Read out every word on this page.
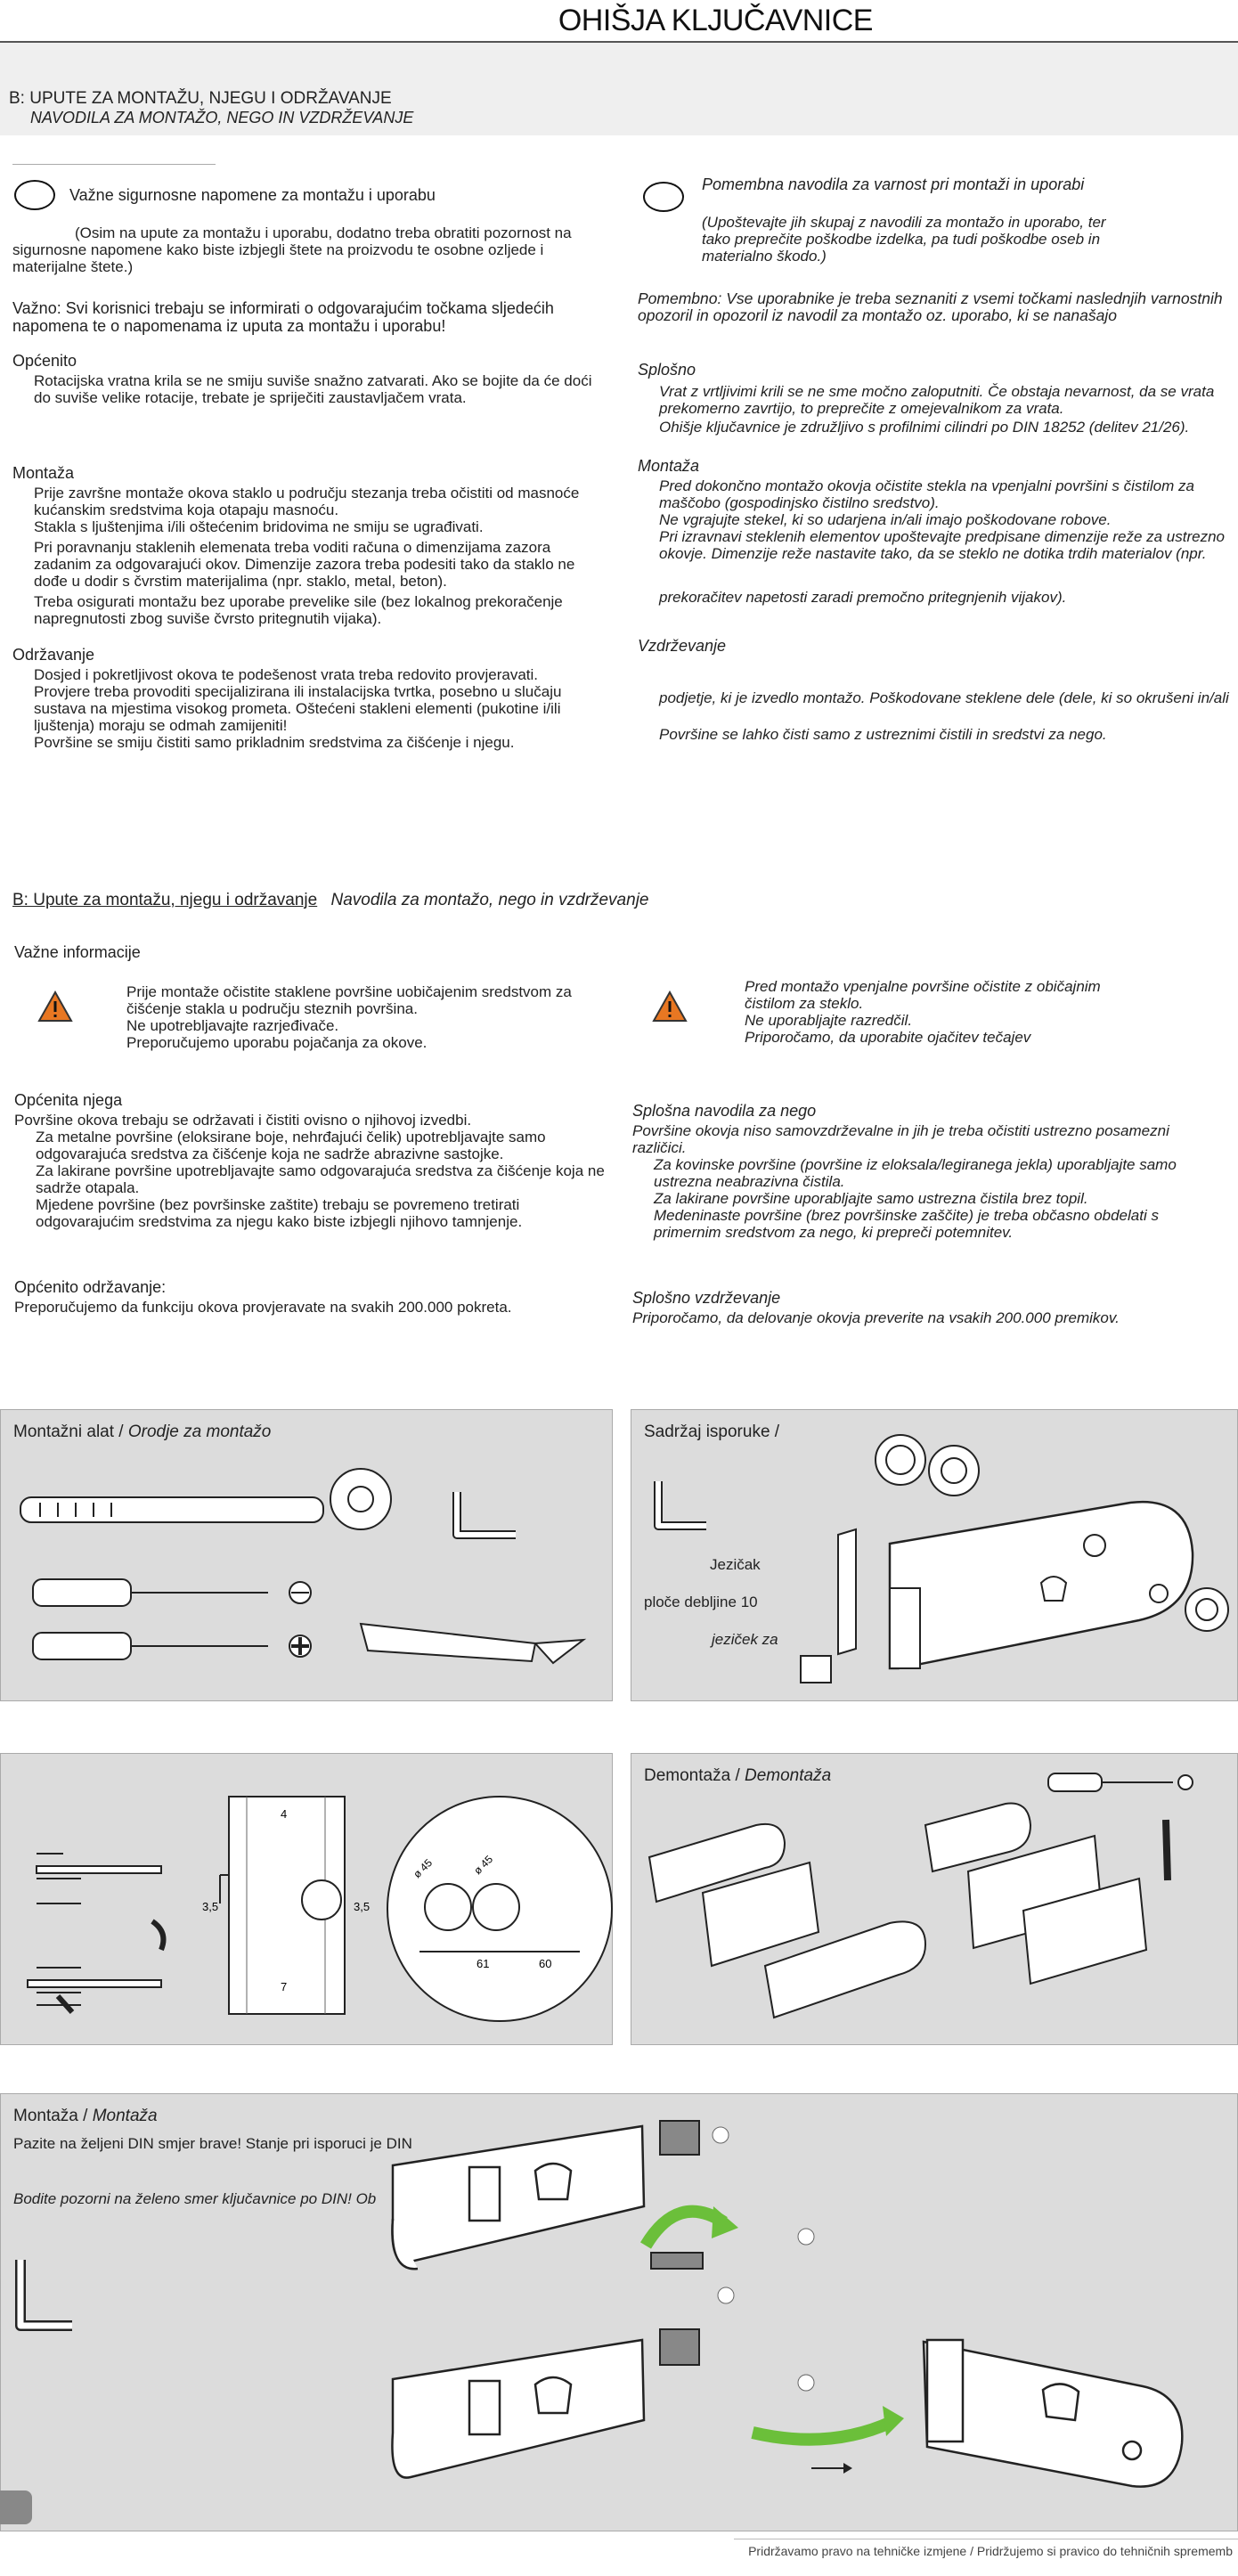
OHIŠJA KLJUČAVNICE
B: UPUTE ZA MONTAŽU, NJEGU I ODRŽAVANJE
NAVODILA ZA MONTAŽO, NEGO IN VZDRŽEVANJE
Važne sigurnosne napomene za montažu i uporabu
(Osim na upute za montažu i uporabu, dodatno treba obratiti pozornost na sigurnosne napomene kako biste izbjegli štete na proizvodu te osobne ozljede i materijalne štete.)
Važno: Svi korisnici trebaju se informirati o odgovarajućim točkama sljedećih napomena te o napomenama iz uputa za montažu i uporabu!
Općenito
Rotacijska vratna krila se ne smiju suviše snažno zatvarati. Ako se bojite da će doći do suviše velike rotacije, trebate je spriječiti zaustavljačem vrata.
Montaža
Prije završne montaže okova staklo u području stezanja treba očistiti od masnoće kućanskim sredstvima koja otapaju masnoću.
Stakla s ljuštenjima i/ili oštećenim bridovima ne smiju se ugrađivati.
Pri poravnanju staklenih elemenata treba voditi računa o dimenzijama zazora zadanim za odgovarajući okov. Dimenzije zazora treba podesiti tako da staklo ne dođe u dodir s čvrstim materijalima (npr. staklo, metal, beton).
Treba osigurati montažu bez uporabe prevelike sile (bez lokalnog prekoračenje napregnutosti zbog suviše čvrsto pritegnutih vijaka).
Održavanje
Dosjed i pokretljivost okova te podešenost vrata treba redovito provjeravati.
Provjere treba provoditi specijalizirana ili instalacijska tvrtka, posebno u slučaju sustava na mjestima visokog prometa. Oštećeni stakleni elementi (pukotine i/ili ljuštenja) moraju se odmah zamijeniti!
Površine se smiju čistiti samo prikladnim sredstvima za čišćenje i njegu.
Pomembna navodila za varnost pri montaži in uporabi
(Upoštevajte jih skupaj z navodili za montažo in uporabo, ter tako preprečite poškodbe izdelka, pa tudi poškodbe oseb in materialno škodo.)
Pomembno: Vse uporabnike je treba seznaniti z vsemi točkami naslednjih varnostnih opozoril in opozoril iz navodil za montažo oz. uporabo, ki se nanašajo
Splošno
Vrat z vrtljivimi krili se ne sme močno zaloputniti. Če obstaja nevarnost, da se vrata prekomerno zavrtijo, to preprečite z omejevalnikom za vrata.
Ohišje ključavnice je združljivo s profilnimi cilindri po DIN 18252 (delitev 21/26).
Montaža
Pred dokončno montažo okovja očistite stekla na vpenjalni površini s čistilom za maščobo (gospodinjsko čistilno sredstvo).
Ne vgrajujte stekel, ki so udarjena in/ali imajo poškodovane robove.
Pri izravnavi steklenih elementov upoštevajte predpisane dimenzije reže za ustrezno okovje. Dimenzije reže nastavite tako, da se steklo ne dotika trdih materialov (npr.
prekoračitev napetosti zaradi premočno pritegnjenih vijakov).
Vzdrževanje
podjetje, ki je izvedlo montažo. Poškodovane steklene dele (dele, ki so okrušeni in/ali
Površine se lahko čisti samo z ustreznimi čistili in sredstvi za nego.
B: Upute za montažu, njegu i održavanje Navodila za montažo, nego in vzdrževanje
Važne informacije
Prije montaže očistite staklene površine uobičajenim sredstvom za čišćenje stakla u području steznih površina.
Ne upotrebljavajte razrjeđivače.
Preporučujemo uporabu pojačanja za okove.
Pred montažo vpenjalne površine očistite z običajnim čistilom za steklo.
Ne uporabljajte razredčil.
Priporočamo, da uporabite ojačitev tečajev
Općenita njega
Površine okova trebaju se održavati i čistiti ovisno o njihovoj izvedbi.
Za metalne površine (eloksirane boje, nehrđajući čelik) upotrebljavajte samo odgovarajuća sredstva za čišćenje koja ne sadrže abrazivne sastojke.
Za lakirane površine upotrebljavajte samo odgovarajuća sredstva za čišćenje koja ne sadrže otapala.
Mjedene površine (bez površinske zaštite) trebaju se povremeno tretirati odgovarajućim sredstvima za njegu kako biste izbjegli njihovo tamnjenje.
Splošna navodila za nego
Površine okovja niso samovzdrževalne in jih je treba očistiti ustrezno posamezni različici.
Za kovinske površine (površine iz eloksala/legiranega jekla) uporabljajte samo ustrezna neabrazivna čistila.
Za lakirane površine uporabljajte samo ustrezna čistila brez topil.
Medeninaste površine (brez površinske zaščite) je treba občasno obdelati s primernim sredstvom za nego, ki prepreči potemnitev.
Općenito održavanje:
Preporučujemo da funkciju okova provjeravate na svakih 200.000 pokreta.
Splošno vzdrževanje
Priporočamo, da delovanje okovja preverite na vsakih 200.000 premikov.
Montažni alat / Orodje za montažo	Sadržaj isporuke /
Jezičak
ploče debljine 10
jeziček za
4
3,5	3,5
7
ø 45	ø 45
61	60
Demontaža / Demontaža
Montaža / Montaža
Pazite na željeni DIN smjer brave! Stanje pri isporuci je DIN
Bodite pozorni na želeno smer ključavnice po DIN! Ob
Pridržavamo pravo na tehničke izmjene / Pridržujemo si pravico do tehničnih sprememb
